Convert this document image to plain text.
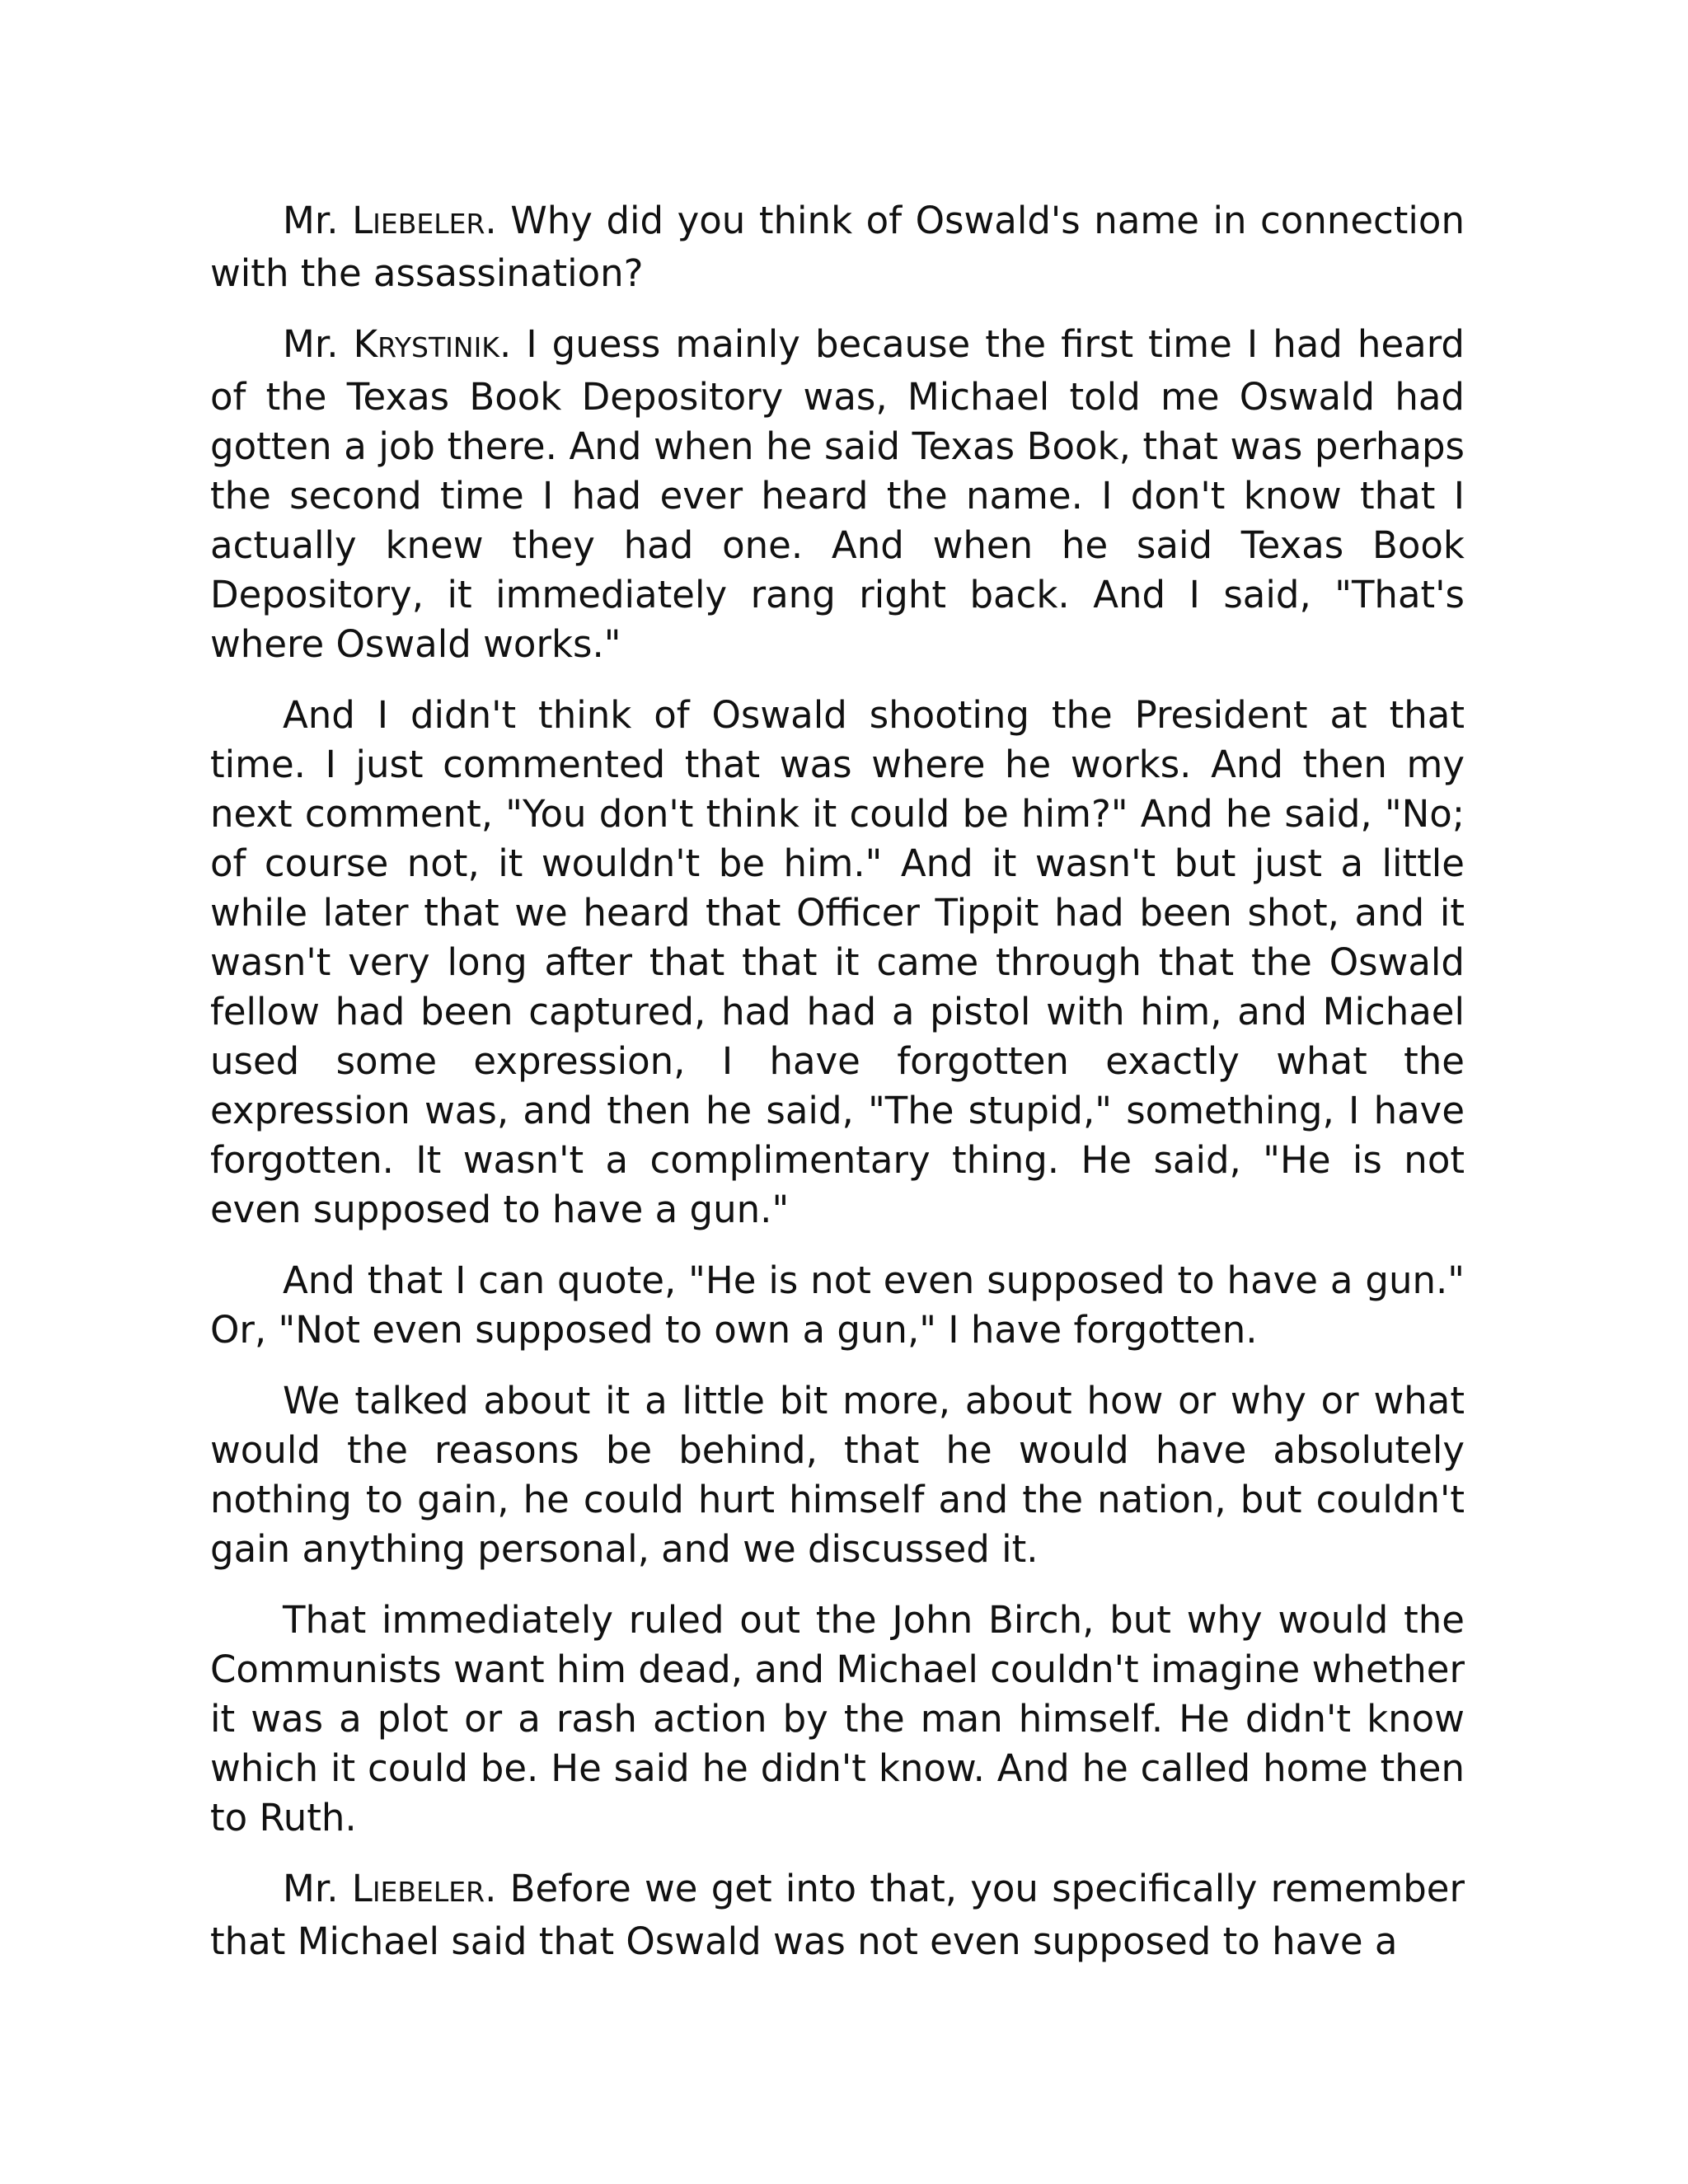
Mr. LIEBELER. Why did you think of Oswald's name in connection with the assassination?

Mr. KRYSTINIK. I guess mainly because the first time I had heard of the Texas Book Depository was, Michael told me Oswald had gotten a job there. And when he said Texas Book, that was perhaps the second time I had ever heard the name. I don't know that I actually knew they had one. And when he said Texas Book Depository, it immediately rang right back. And I said, "That's where Oswald works."

And I didn't think of Oswald shooting the President at that time. I just commented that was where he works. And then my next comment, "You don't think it could be him?" And he said, "No; of course not, it wouldn't be him." And it wasn't but just a little while later that we heard that Officer Tippit had been shot, and it wasn't very long after that that it came through that the Oswald fellow had been captured, had had a pistol with him, and Michael used some expression, I have forgotten exactly what the expression was, and then he said, "The stupid," something, I have forgotten. It wasn't a complimentary thing. He said, "He is not even supposed to have a gun."

And that I can quote, "He is not even supposed to have a gun." Or, "Not even supposed to own a gun," I have forgotten.

We talked about it a little bit more, about how or why or what would the reasons be behind, that he would have absolutely nothing to gain, he could hurt himself and the nation, but couldn't gain anything personal, and we discussed it.

That immediately ruled out the John Birch, but why would the Communists want him dead, and Michael couldn't imagine whether it was a plot or a rash action by the man himself. He didn't know which it could be. He said he didn't know. And he called home then to Ruth.

Mr. LIEBELER. Before we get into that, you specifically remember that Michael said that Oswald was not even supposed to have a
